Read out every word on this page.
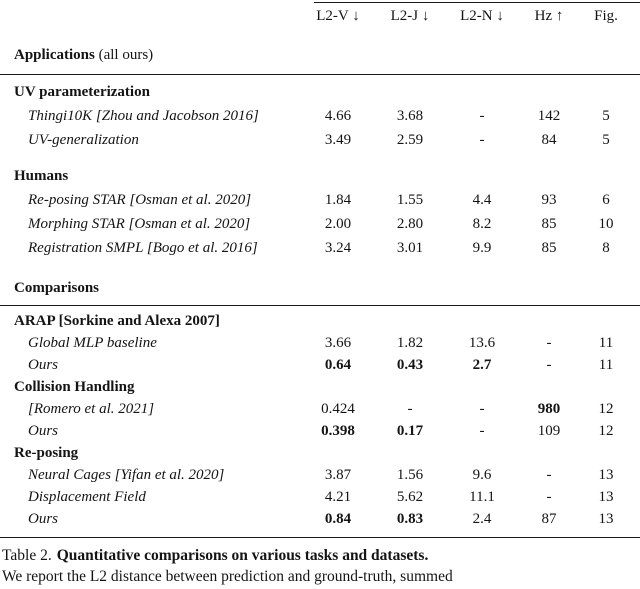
L2-V ↓	L2-J ↓	L2-N ↓	Hz ↑	Fig.
Applications (all ours)
UV parameterization
Thingi10K [Zhou and Jacobson 2016]	4.66	3.68	-	142	5
UV-generalization	3.49	2.59	-	84	5
Humans
Re-posing STAR [Osman et al. 2020]	1.84	1.55	4.4	93	6
Morphing STAR [Osman et al. 2020]	2.00	2.80	8.2	85	10
Registration SMPL [Bogo et al. 2016]	3.24	3.01	9.9	85	8
Comparisons
ARAP [Sorkine and Alexa 2007]
Global MLP baseline	3.66	1.82	13.6	-	11
Ours	0.64	0.43	2.7	-	11
Collision Handling
[Romero et al. 2021]	0.424	-	-	980	12
Ours	0.398	0.17	-	109	12
Re-posing
Neural Cages [Yifan et al. 2020]	3.87	1.56	9.6	-	13
Displacement Field	4.21	5.62	11.1	-	13
Ours	0.84	0.83	2.4	87	13
Table 2. Quantitative comparisons on various tasks and datasets.
We report the L2 distance between prediction and ground-truth, summed
